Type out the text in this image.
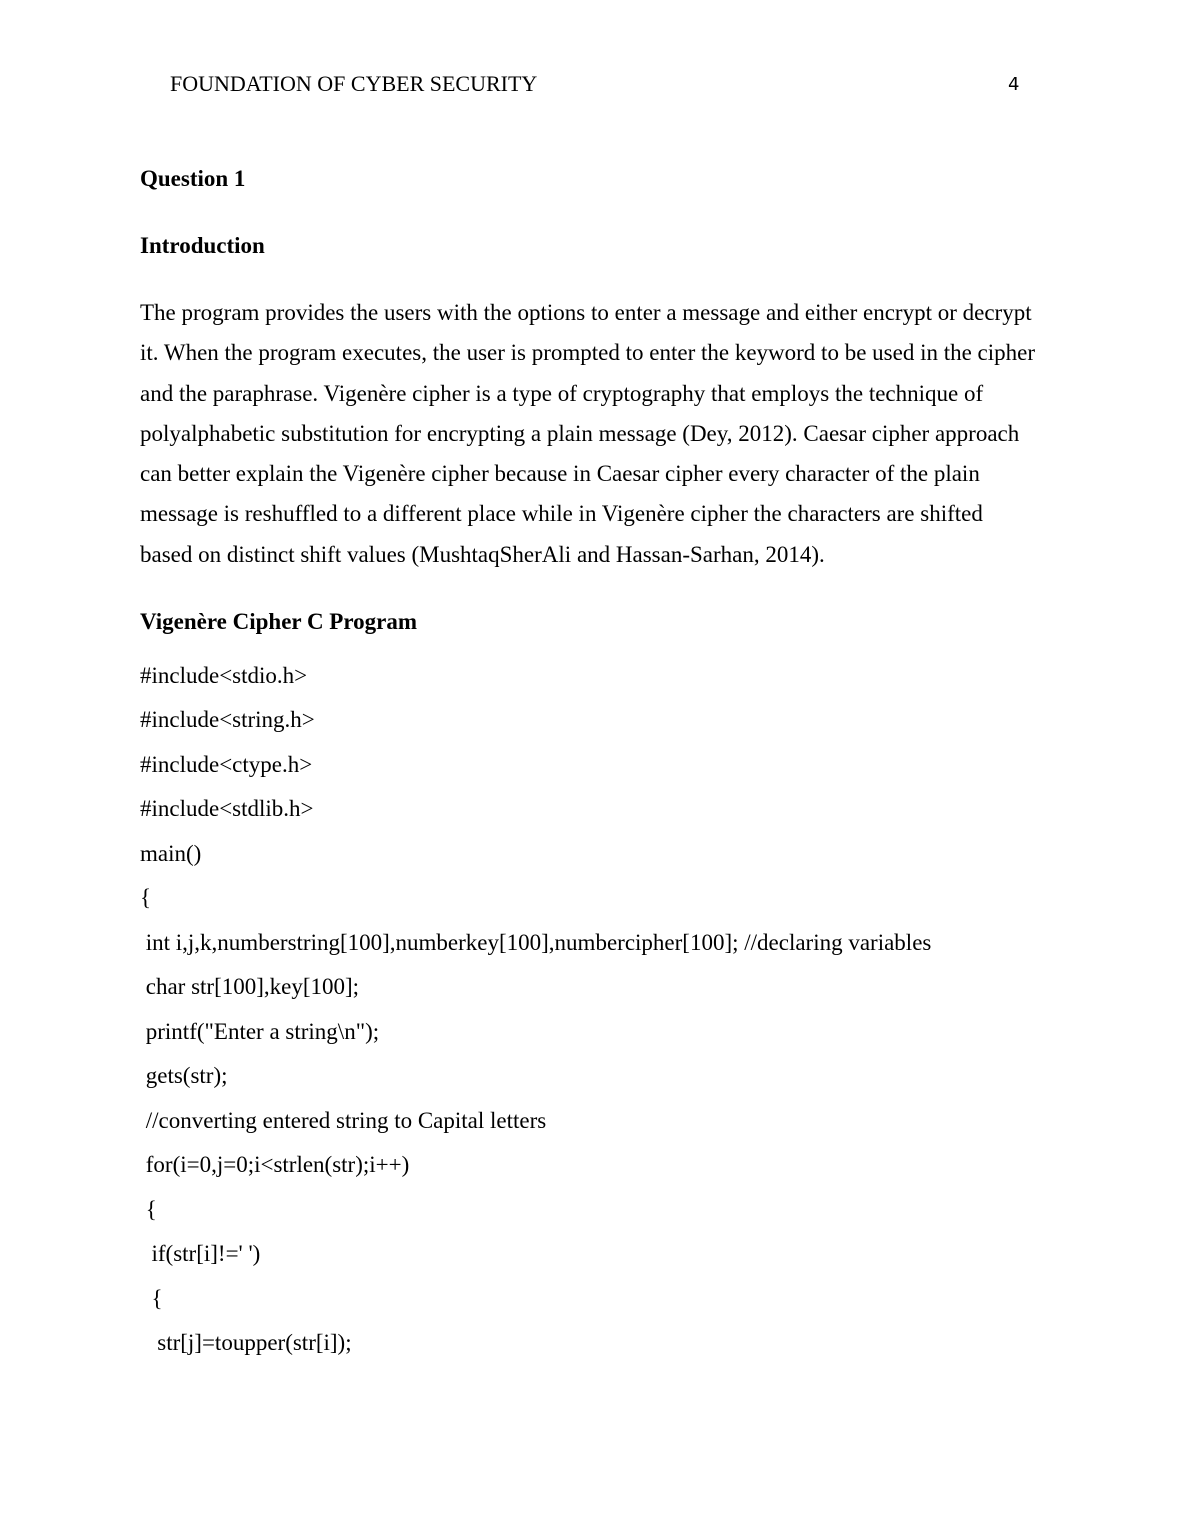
FOUNDATION OF CYBER SECURITY	4
Question 1
Introduction
The program provides the users with the options to enter a message and either encrypt or decrypt
it. When the program executes, the user is prompted to enter the keyword to be used in the cipher
and the paraphrase. Vigenère cipher is a type of cryptography that employs the technique of
polyalphabetic substitution for encrypting a plain message (Dey, 2012). Caesar cipher approach
can better explain the Vigenère cipher because in Caesar cipher every character of the plain
message is reshuffled to a different place while in Vigenère cipher the characters are shifted
based on distinct shift values (MushtaqSherAli and Hassan-Sarhan, 2014).
Vigenère Cipher C Program
#include<stdio.h>
#include<string.h>
#include<ctype.h>
#include<stdlib.h>
main()
{
int i,j,k,numberstring[100],numberkey[100],numbercipher[100]; //declaring variables
char str[100],key[100];
printf("Enter a string\n");
gets(str);
//converting entered string to Capital letters
for(i=0,j=0;i<strlen(str);i++)
{
if(str[i]!=' ')
{
str[j]=toupper(str[i]);
